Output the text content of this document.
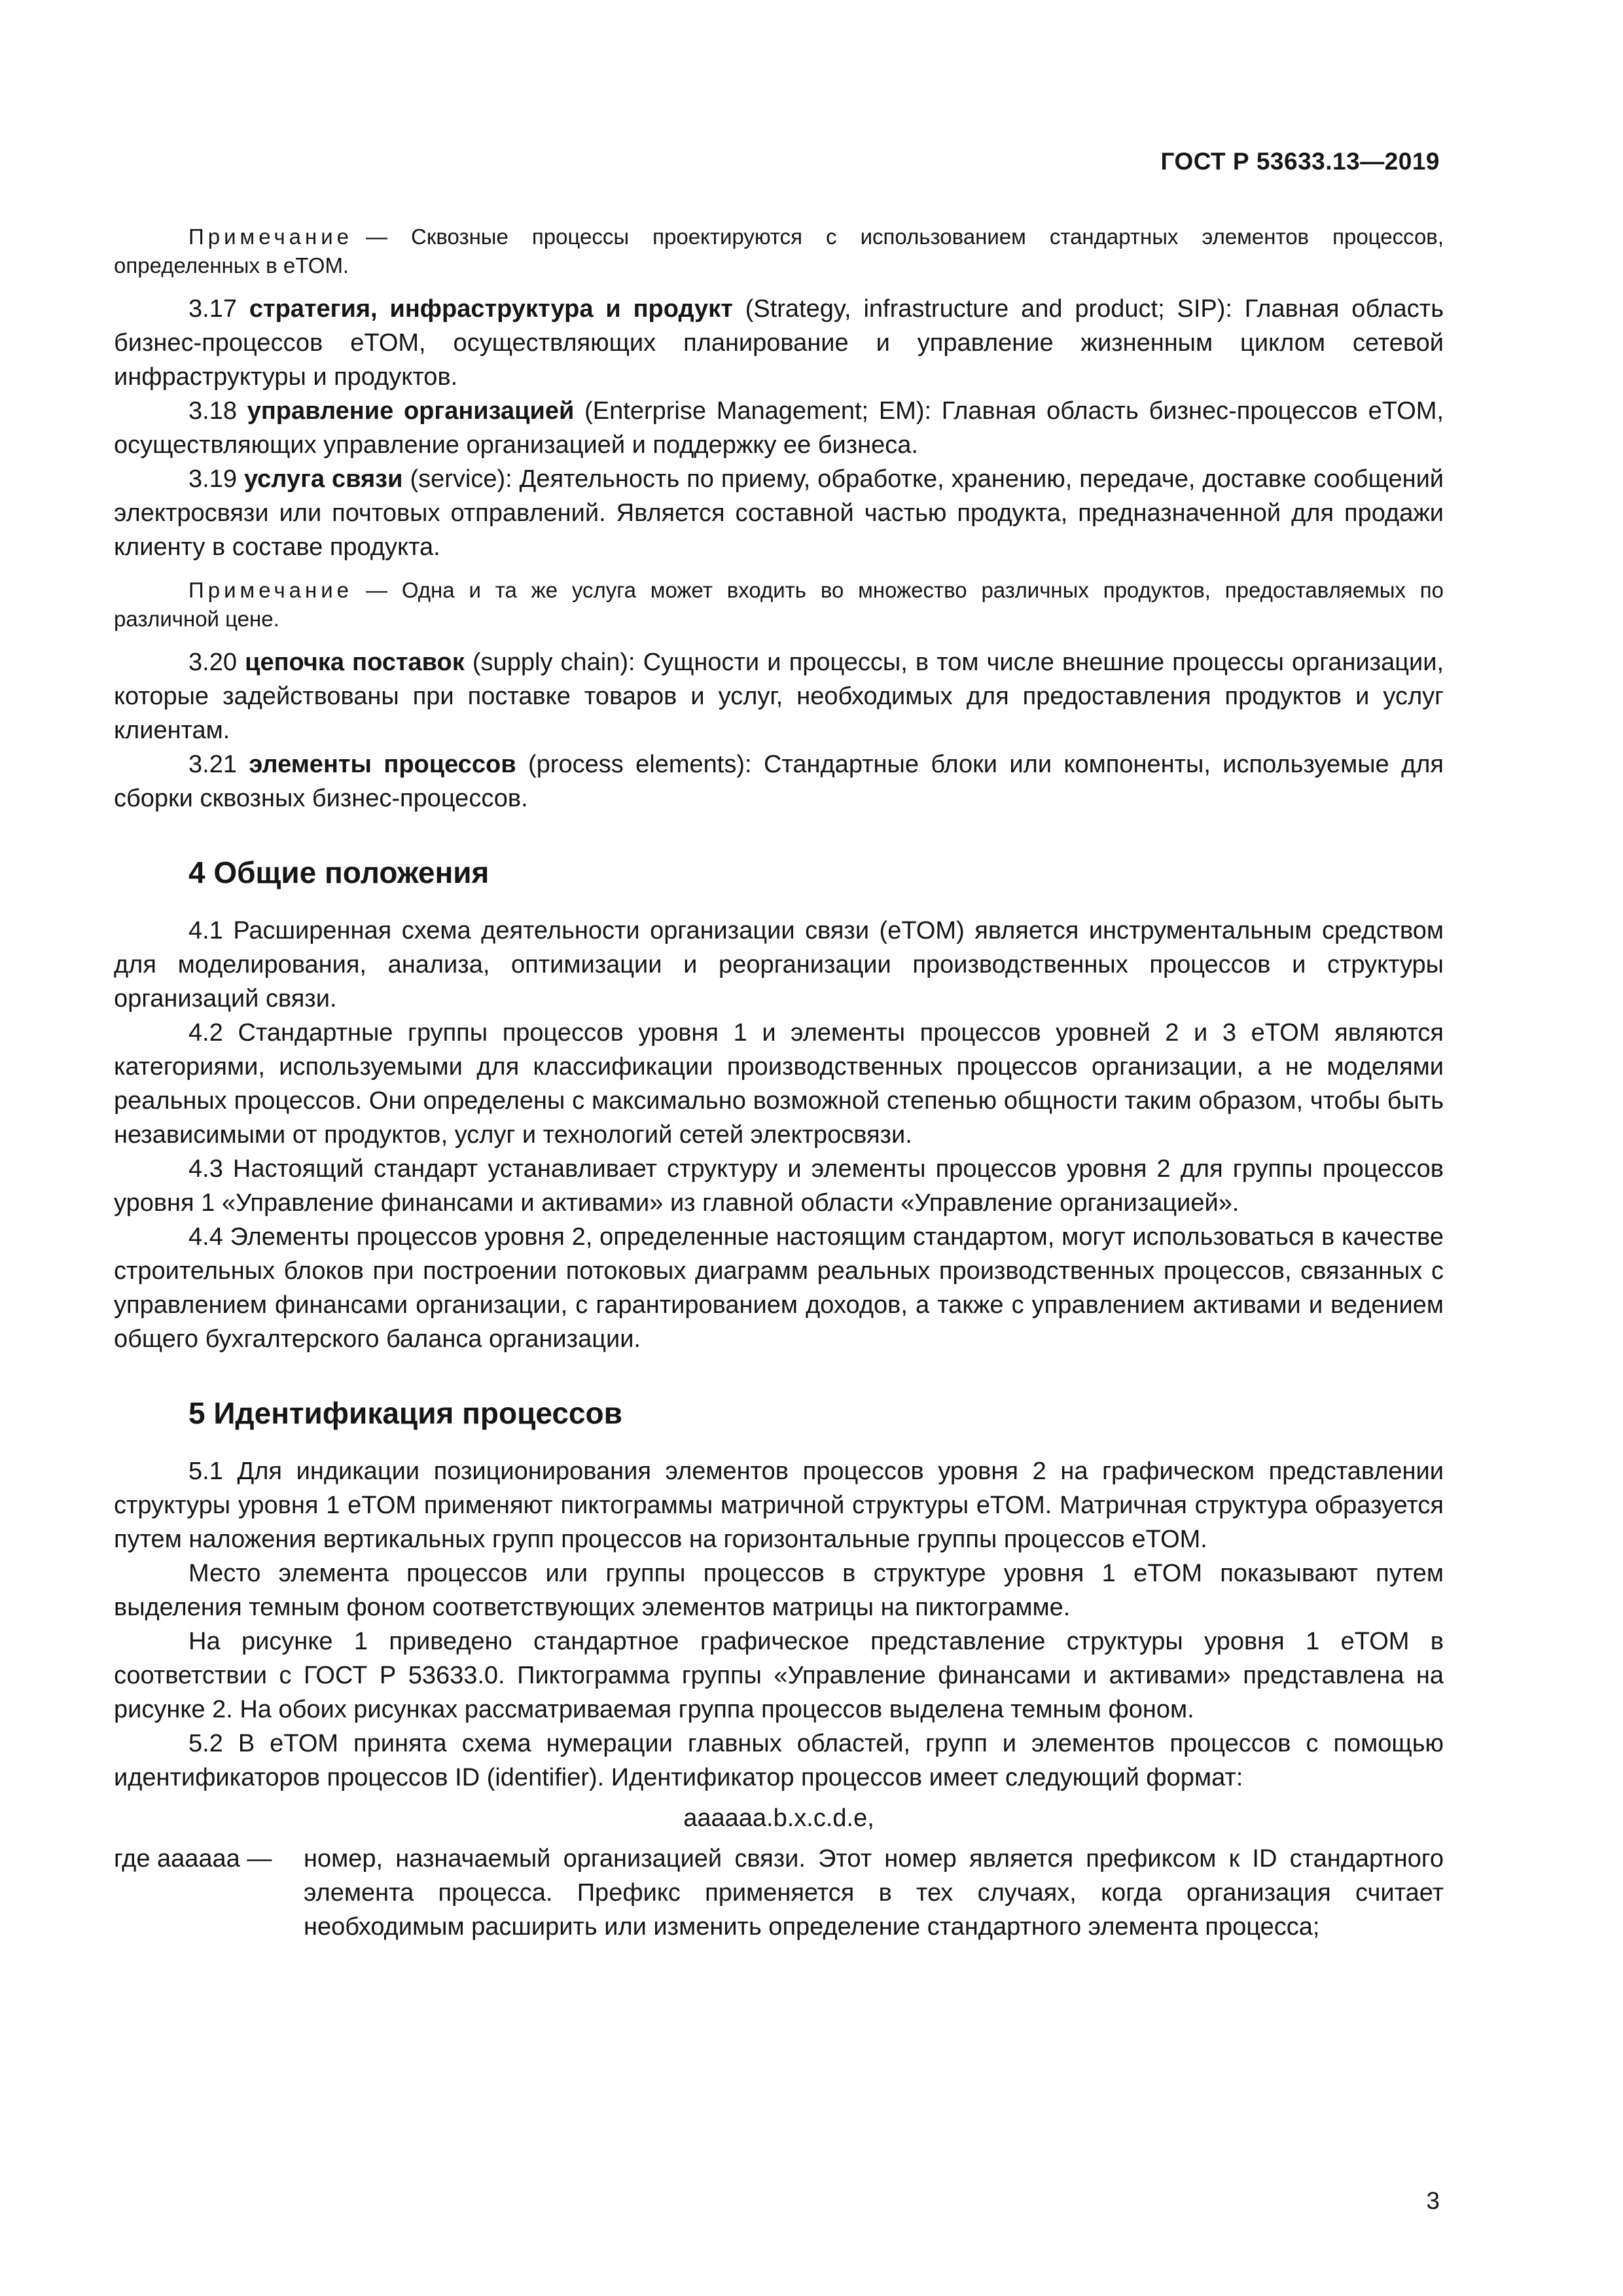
ГОСТ Р 53633.13—2019

Примечание — Сквозные процессы проектируются с использованием стандартных элементов процессов, определенных в eTOM.

3.17 стратегия, инфраструктура и продукт (Strategy, infrastructure and product; SIP): Главная область бизнес-процессов eTOM, осуществляющих планирование и управление жизненным циклом сетевой инфраструктуры и продуктов.

3.18 управление организацией (Enterprise Management; EM): Главная область бизнес-процессов eTOM, осуществляющих управление организацией и поддержку ее бизнеса.

3.19 услуга связи (service): Деятельность по приему, обработке, хранению, передаче, доставке сообщений электросвязи или почтовых отправлений. Является составной частью продукта, предназначенной для продажи клиенту в составе продукта.

Примечание — Одна и та же услуга может входить во множество различных продуктов, предоставляемых по различной цене.

3.20 цепочка поставок (supply chain): Сущности и процессы, в том числе внешние процессы организации, которые задействованы при поставке товаров и услуг, необходимых для предоставления продуктов и услуг клиентам.

3.21 элементы процессов (process elements): Стандартные блоки или компоненты, используемые для сборки сквозных бизнес-процессов.

4 Общие положения

4.1 Расширенная схема деятельности организации связи (eTOM) является инструментальным средством для моделирования, анализа, оптимизации и реорганизации производственных процессов и структуры организаций связи.

4.2 Стандартные группы процессов уровня 1 и элементы процессов уровней 2 и 3 eTOM являются категориями, используемыми для классификации производственных процессов организации, а не моделями реальных процессов. Они определены с максимально возможной степенью общности таким образом, чтобы быть независимыми от продуктов, услуг и технологий сетей электросвязи.

4.3 Настоящий стандарт устанавливает структуру и элементы процессов уровня 2 для группы процессов уровня 1 «Управление финансами и активами» из главной области «Управление организацией».

4.4 Элементы процессов уровня 2, определенные настоящим стандартом, могут использоваться в качестве строительных блоков при построении потоковых диаграмм реальных производственных процессов, связанных с управлением финансами организации, с гарантированием доходов, а также с управлением активами и ведением общего бухгалтерского баланса организации.

5 Идентификация процессов

5.1 Для индикации позиционирования элементов процессов уровня 2 на графическом представлении структуры уровня 1 eTOM применяют пиктограммы матричной структуры eTOM. Матричная структура образуется путем наложения вертикальных групп процессов на горизонтальные группы процессов eTOM.

Место элемента процессов или группы процессов в структуре уровня 1 eTOM показывают путем выделения темным фоном соответствующих элементов матрицы на пиктограмме.

На рисунке 1 приведено стандартное графическое представление структуры уровня 1 eTOM в соответствии с ГОСТ Р 53633.0. Пиктограмма группы «Управление финансами и активами» представлена на рисунке 2. На обоих рисунках рассматриваемая группа процессов выделена темным фоном.

5.2 В eTOM принята схема нумерации главных областей, групп и элементов процессов с помощью идентификаторов процессов ID (identifier). Идентификатор процессов имеет следующий формат:

aaaaaa.b.x.c.d.e,

где aaaaaa —	номер, назначаемый организацией связи. Этот номер является префиксом к ID стандартного элемента процесса. Префикс применяется в тех случаях, когда организация считает необходимым расширить или изменить определение стандартного элемента процесса;
3
